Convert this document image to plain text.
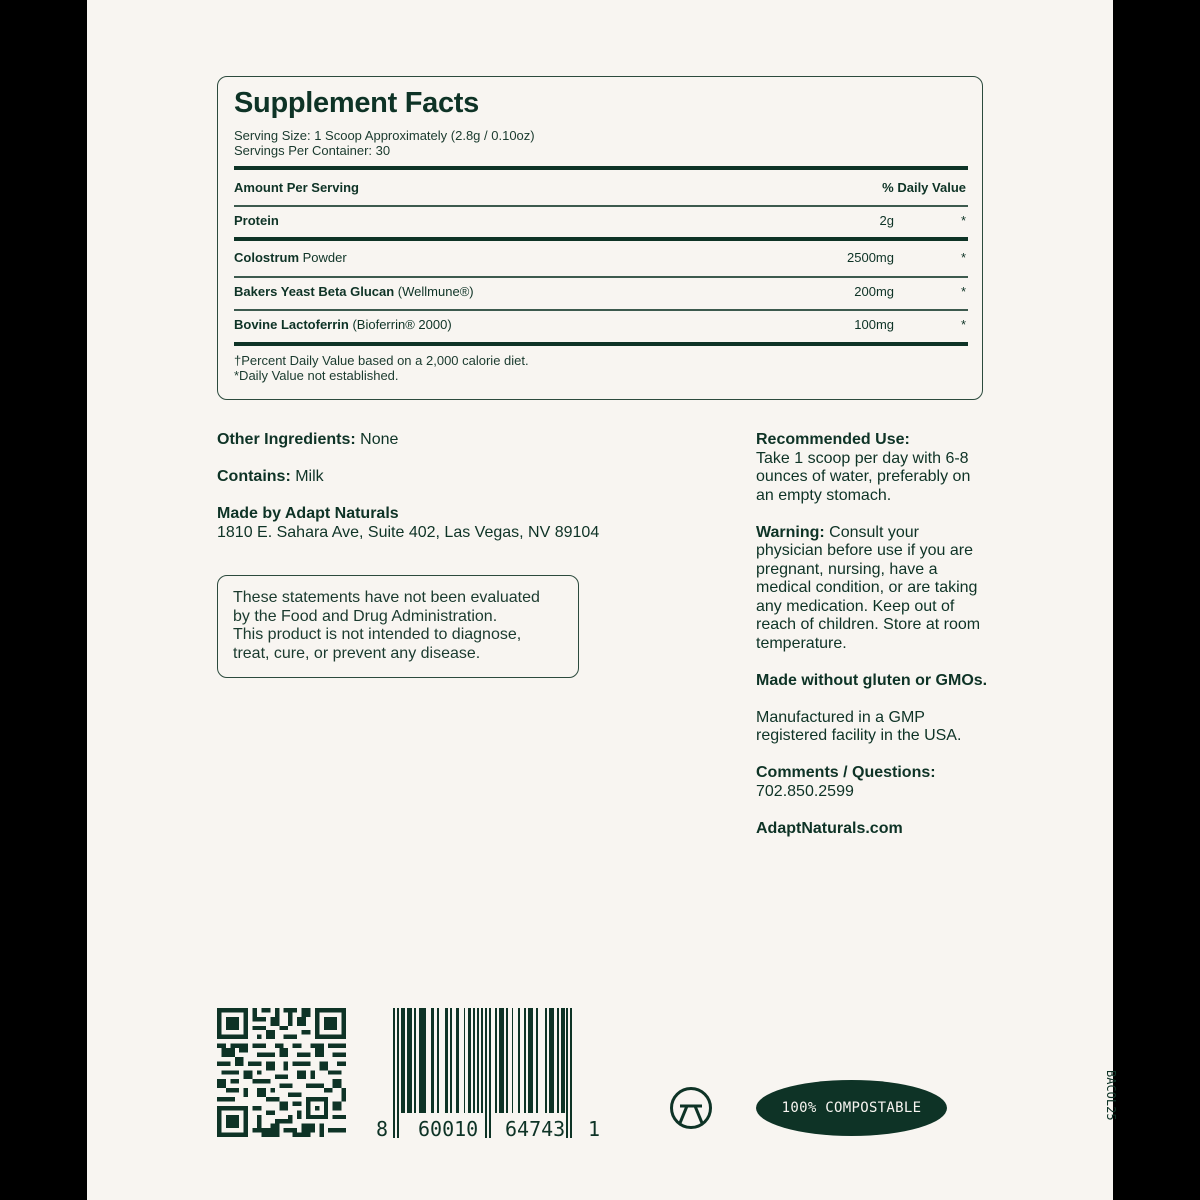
Supplement Facts
Serving Size: 1 Scoop Approximately (2.8g / 0.10oz)
Servings Per Container: 30
Amount Per Serving	% Daily Value
Protein	2g	*
Colostrum Powder	2500mg	*
Bakers Yeast Beta Glucan (Wellmune®)	200mg	*
Bovine Lactoferrin (Bioferrin® 2000)	100mg	*
†Percent Daily Value based on a 2,000 calorie diet.
*Daily Value not established.

Other Ingredients: None

Contains: Milk

Made by Adapt Naturals
1810 E. Sahara Ave, Suite 402, Las Vegas, NV 89104

These statements have not been evaluated
by the Food and Drug Administration.
This product is not intended to diagnose,
treat, cure, or prevent any disease.

Recommended Use:
Take 1 scoop per day with 6-8
ounces of water, preferably on
an empty stomach.

Warning: Consult your
physician before use if you are
pregnant, nursing, have a
medical condition, or are taking
any medication. Keep out of
reach of children. Store at room
temperature.

Made without gluten or GMOs.

Manufactured in a GMP
registered facility in the USA.

Comments / Questions:
702.850.2599

AdaptNaturals.com

8 60010 64743 1
100% COMPOSTABLE	BACOL25
